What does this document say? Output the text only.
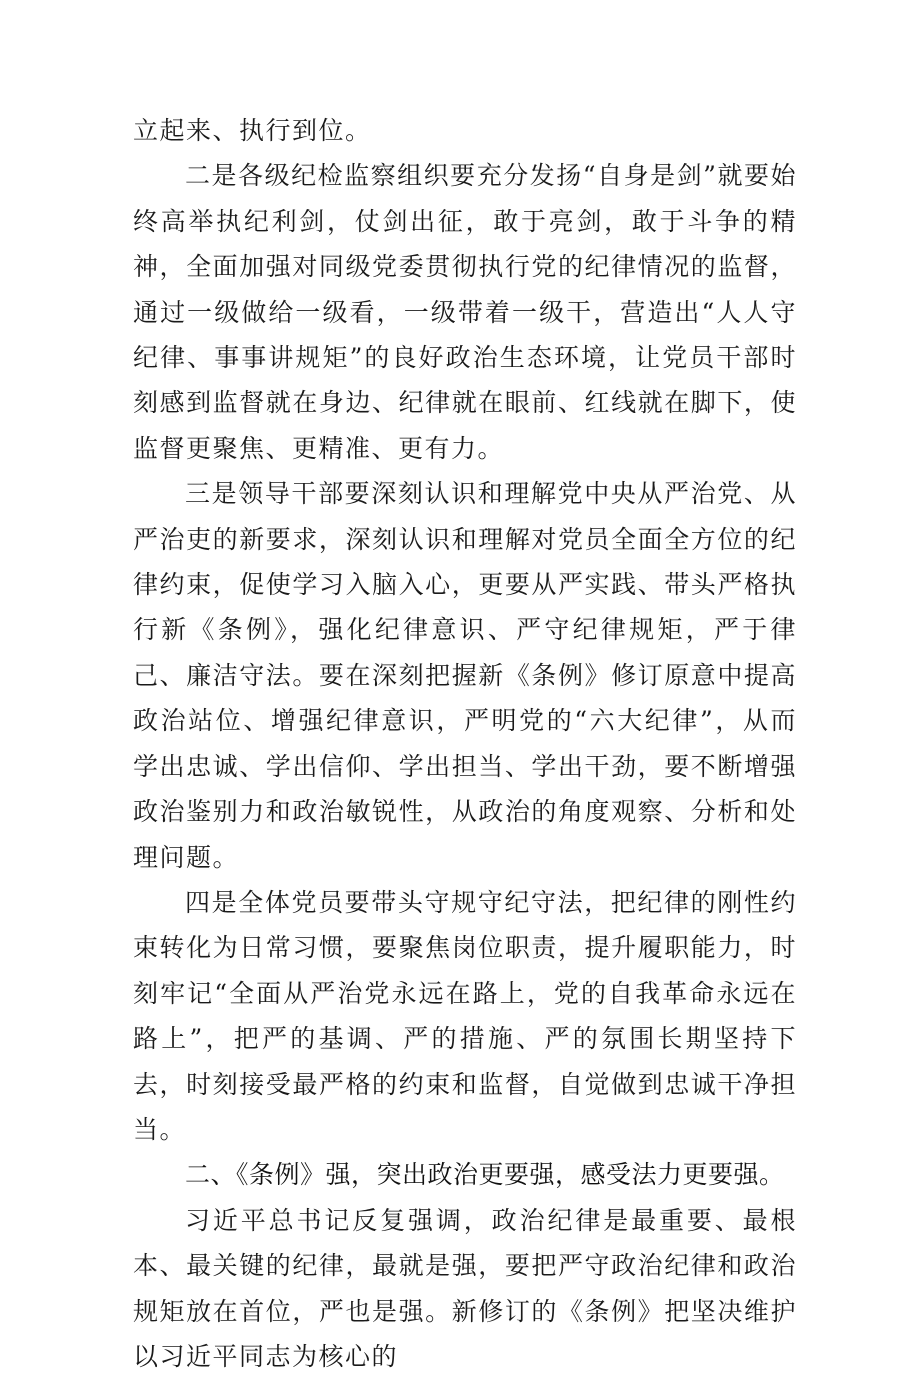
立起来、执行到位。

二是各级纪检监察组织要充分发扬“自身是剑”就要始终高举执纪利剑，仗剑出征，敢于亮剑，敢于斗争的精神，全面加强对同级党委贯彻执行党的纪律情况的监督，通过一级做给一级看，一级带着一级干，营造出“人人守纪律、事事讲规矩”的良好政治生态环境，让党员干部时刻感到监督就在身边、纪律就在眼前、红线就在脚下，使监督更聚焦、更精准、更有力。

三是领导干部要深刻认识和理解党中央从严治党、从严治吏的新要求，深刻认识和理解对党员全面全方位的纪律约束，促使学习入脑入心，更要从严实践、带头严格执行新《条例》，强化纪律意识、严守纪律规矩，严于律己、廉洁守法。要在深刻把握新《条例》修订原意中提高政治站位、增强纪律意识，严明党的“六大纪律”，从而学出忠诚、学出信仰、学出担当、学出干劲，要不断增强政治鉴别力和政治敏锐性，从政治的角度观察、分析和处理问题。

四是全体党员要带头守规守纪守法，把纪律的刚性约束转化为日常习惯，要聚焦岗位职责，提升履职能力，时刻牢记“全面从严治党永远在路上，党的自我革命永远在路上”，把严的基调、严的措施、严的氛围长期坚持下去，时刻接受最严格的约束和监督，自觉做到忠诚干净担当。

二、《条例》强，突出政治更要强，感受法力更要强。

习近平总书记反复强调，政治纪律是最重要、最根本、最关键的纪律，最就是强，要把严守政治纪律和政治规矩放在首位，严也是强。新修订的《条例》把坚决维护以习近平同志为核心的
